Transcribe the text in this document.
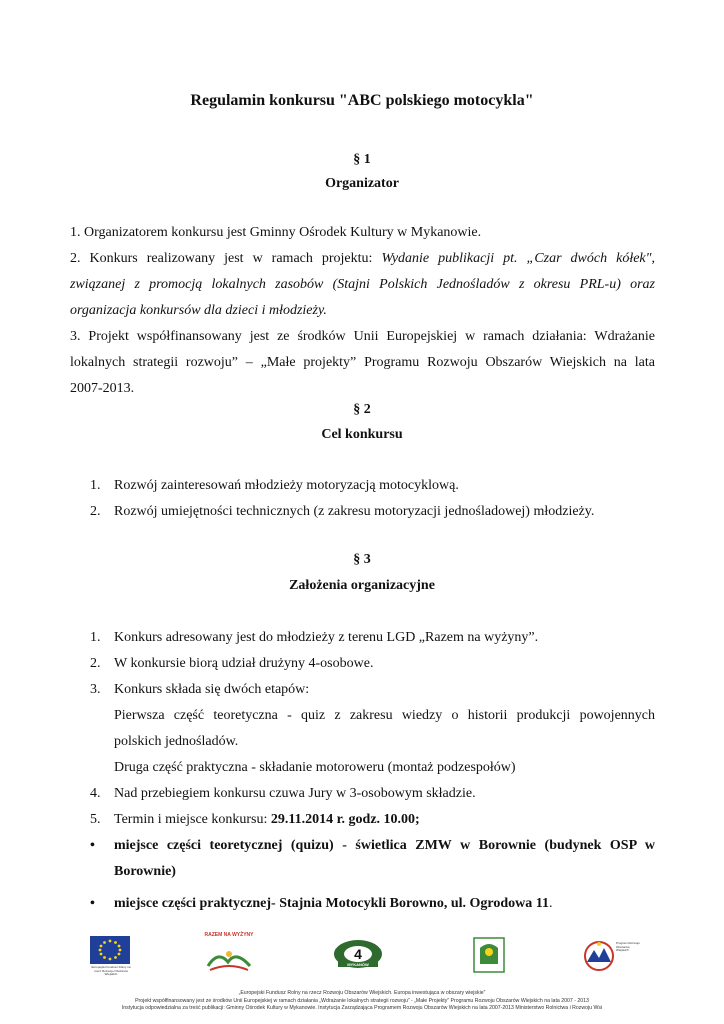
Regulamin konkursu "ABC polskiego motocykla"
§ 1
Organizator
1. Organizatorem konkursu jest Gminny Ośrodek Kultury w Mykanowie.
2. Konkurs realizowany jest w ramach projektu: Wydanie publikacji pt. „Czar dwóch kółek",
związanej z promocją lokalnych zasobów (Stajni Polskich Jednośladów z okresu PRL-u) oraz
organizacja konkursów dla dzieci i młodzieży.
3. Projekt współfinansowany jest ze środków Unii Europejskiej w ramach działania: Wdrażanie
lokalnych strategii rozwoju” – „Małe projekty” Programu Rozwoju Obszarów Wiejskich na lata
2007-2013.
§ 2
Cel konkursu
1. Rozwój zainteresowań młodzieży motoryzacją motocyklową.
2. Rozwój umiejętności technicznych (z zakresu motoryzacji jednośladowej) młodzieży.
§ 3
Założenia organizacyjne
1. Konkurs adresowany jest do młodzieży z terenu LGD „Razem na wyżyny”.
2. W konkursie biorą udział drużyny 4-osobowe.
3. Konkurs składa się dwóch etapów:
Pierwsza część teoretyczna - quiz z zakresu wiedzy o historii produkcji powojennych
polskich jednośladów.
Druga część praktyczna - składanie motoroweru (montaż podzespołów)
4. Nad przebiegiem konkursu czuwa Jury w 3-osobowym składzie.
5. Termin i miejsce konkursu: 29.11.2014 r. godz. 10.00;
• miejsce części teoretycznej (quizu) - świetlica ZMW w Borownie (budynek OSP w
Borownie)
• miejsce części praktycznej- Stajnia Motocykli Borowno, ul. Ogrodowa 11.
Europejski Fundusz Rolny na rzecz Rozwoju Obszarów Wiejskich
RAZEM NA WYŻYNY
4
MYKANÓW
Program Rozwoju Obszarów Wiejskich
„Europejski Fundusz Rolny na rzecz Rozwoju Obszarów Wiejskich. Europa inwestująca w obszary wiejskie”
Projekt współfinansowany jest ze środków Unii Europejskiej w ramach działania „Wdrażanie lokalnych strategii rozwoju” - „Małe Projekty” Programu Rozwoju Obszarów Wiejskich na lata 2007 - 2013
Instytucja odpowiedzialna za treść publikacji: Gminny Ośrodek Kultury w Mykanowie. Instytucja Zarządzająca Programem Rozwoju Obszarów Wiejskich na lata 2007-2013 Ministerstwo Rolnictwa i Rozwoju Wsi
